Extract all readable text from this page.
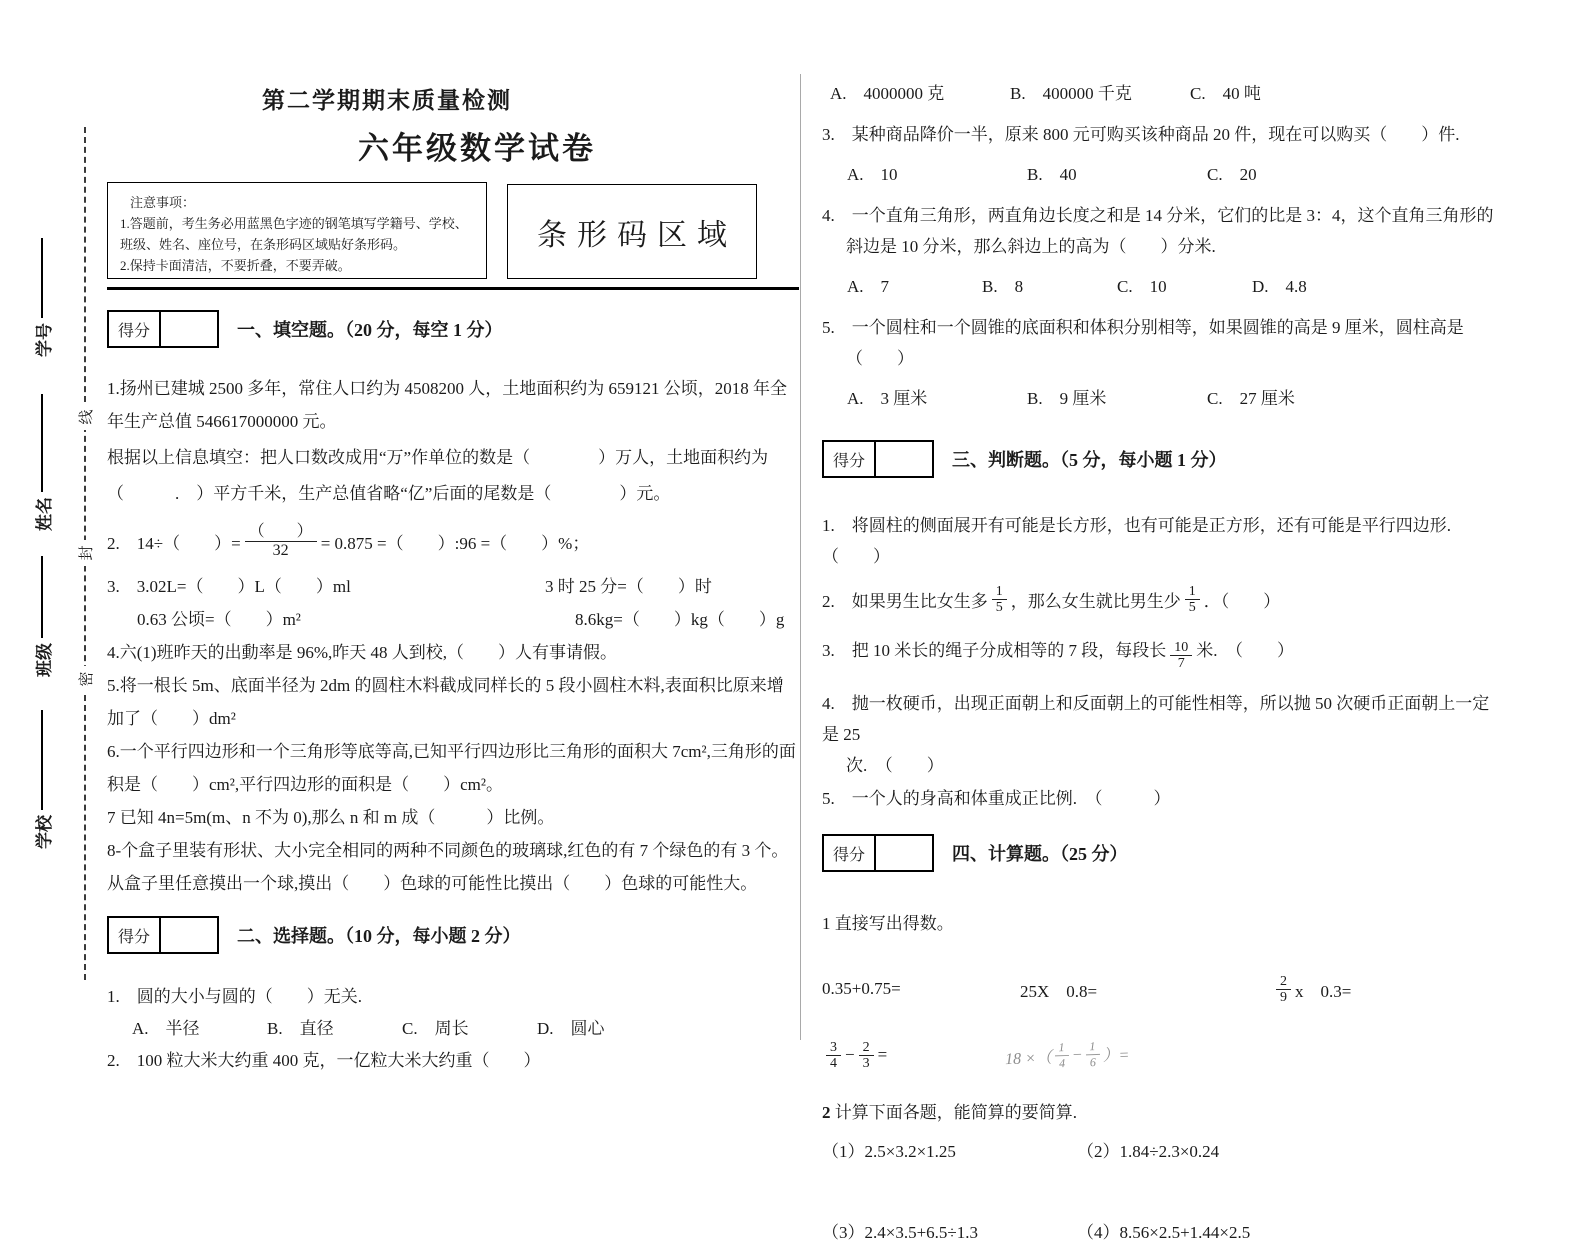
学号
姓名
班级
学校
线
封
密
第二学期期末质量检测
六年级数学试卷
注意事项：
1.答题前，考生务必用蓝黑色字迹的钢笔填写学籍号、学校、班级、姓名、座位号，在条形码区域贴好条形码。
2.保持卡面清洁，不要折叠，不要弄破。
条形码区域
得分	一、填空题。（20 分，每空 1 分）

1.扬州已建城 2500 多年，常住人口约为 4508200 人，土地面积约为 659121 公顷，2018 年全年生产总值 546617000000 元。

根据以上信息填空：把人口数改成用“万”作单位的数是（　　　　）万人，土地面积约为

（　　　.　）平方千米，生产总值省略“亿”后面的尾数是（　　　　）元。

2.　14÷（　　）= $\frac{( )}{32} = 0.875$ =（　　）:96 =（　　）%；
3.　3.02L=（　　）L（　　）ml	3 时 25 分=（　　）时
0.63 公顷=（　　）m²	8.6kg=（　　）kg（　　）g

4.六(1)班昨天的出動率是 96%,昨天 48 人到校,（　　）人有事请假。

5.将一根长 5m、底面半径为 2dm 的圆柱木料截成同样长的 5 段小圆柱木料,表面积比原来增加了（　　）dm²

6.一个平行四边形和一个三角形等底等高,已知平行四边形比三角形的面积大 7cm²,三角形的面积是（　　）cm²,平行四边形的面积是（　　）cm²。

7 已知 4n=5m(m、n 不为 0),那么 n 和 m 成（　　　）比例。

8-个盒子里装有形状、大小完全相同的两种不同颜色的玻璃球,红色的有 7 个绿色的有 3 个。从盒子里任意摸出一个球,摸出（　　）色球的可能性比摸出（　　）色球的可能性大。

得分	二、选择题。（10 分，每小题 2 分）

1.　圆的大小与圆的（　　）无关.

A.　半径	B.　直径	C.　周长	D.　圆心

2.　100 粒大米大约重 400 克，一亿粒大米大约重（　　）

A.　4000000 克	B.　400000 千克	C.　40 吨

3.　某种商品降价一半，原来 800 元可购买该种商品 20 件，现在可以购买（　　）件.

A.　10	B.　40	C.　20

4.　一个直角三角形，两直角边长度之和是 14 分米，它们的比是 3：4，这个直角三角形的斜边是 10 分米，那么斜边上的高为（　　）分米.

A.　7	B.　8	C.　10	D.　4.8

5.　一个圆柱和一个圆锥的底面积和体积分别相等，如果圆锥的高是 9 厘米，圆柱高是（　　）

A.　3 厘米	B.　9 厘米	C.　27 厘米
得分	三、判断题。（5 分，每小题 1 分）

1.　将圆柱的侧面展开有可能是长方形，也有可能是正方形，还有可能是平行四边形.　（　　）

2.　如果男生比女生多 $\frac{1}{5}$ ，那么女生就比男生少 $\frac{1}{5}$ ．（　　）
3.　把 10 米长的绳子分成相等的 7 段，每段长 $\frac{10}{7}$ 米.　（　　）

4.　抛一枚硬币，出现正面朝上和反面朝上的可能性相等，所以抛 50 次硬币正面朝上一定是 25

次.　（　　）

5.　一个人的身高和体重成正比例.　（　　　）

得分	四、计算题。（25 分）

1 直接写出得数。

0.35+0.75=	25X　0.8=	$\frac{2}{9}$ x　0.3=
$\frac{3}{4} - \frac{2}{3}$ =	18 ×（ $\frac{1}{4} - \frac{1}{6}$ ）=

2 计算下面各题，能简算的要简算.

（1）2.5×3.2×1.25	（2）1.84÷2.3×0.24
（3）2.4×3.5+6.5÷1.3	（4）8.56×2.5+1.44×2.5
